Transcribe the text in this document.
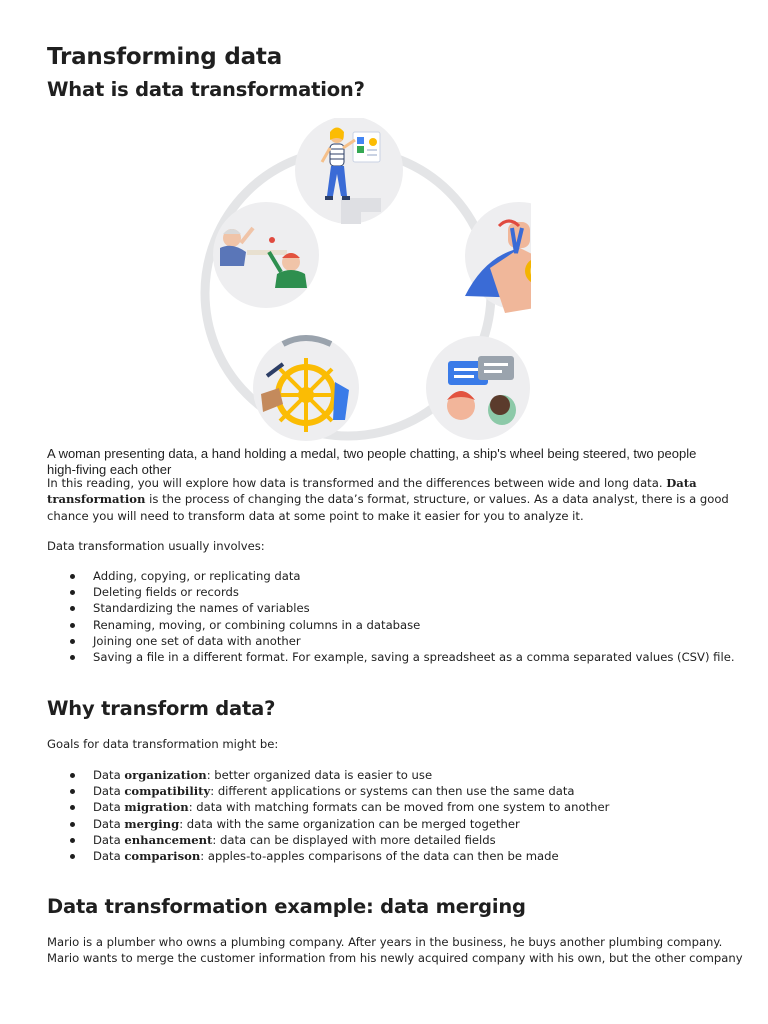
Transforming data
What is data transformation?
A woman presenting data, a hand holding a medal, two people chatting, a ship's wheel being steered, two people high-fiving each other

In this reading, you will explore how data is transformed and the differences between wide and long data. Data transformation is the process of changing the data’s format, structure, or values. As a data analyst, there is a good chance you will need to transform data at some point to make it easier for you to analyze it.

Data transformation usually involves:

Adding, copying, or replicating data
Deleting fields or records
Standardizing the names of variables
Renaming, moving, or combining columns in a database
Joining one set of data with another
Saving a file in a different format. For example, saving a spreadsheet as a comma separated values (CSV) file.
Why transform data?

Goals for data transformation might be:

Data organization: better organized data is easier to use
Data compatibility: different applications or systems can then use the same data
Data migration: data with matching formats can be moved from one system to another
Data merging: data with the same organization can be merged together
Data enhancement: data can be displayed with more detailed fields
Data comparison: apples-to-apples comparisons of the data can then be made
Data transformation example: data merging

Mario is a plumber who owns a plumbing company. After years in the business, he buys another plumbing company.

Mario wants to merge the customer information from his newly acquired company with his own, but the other company
